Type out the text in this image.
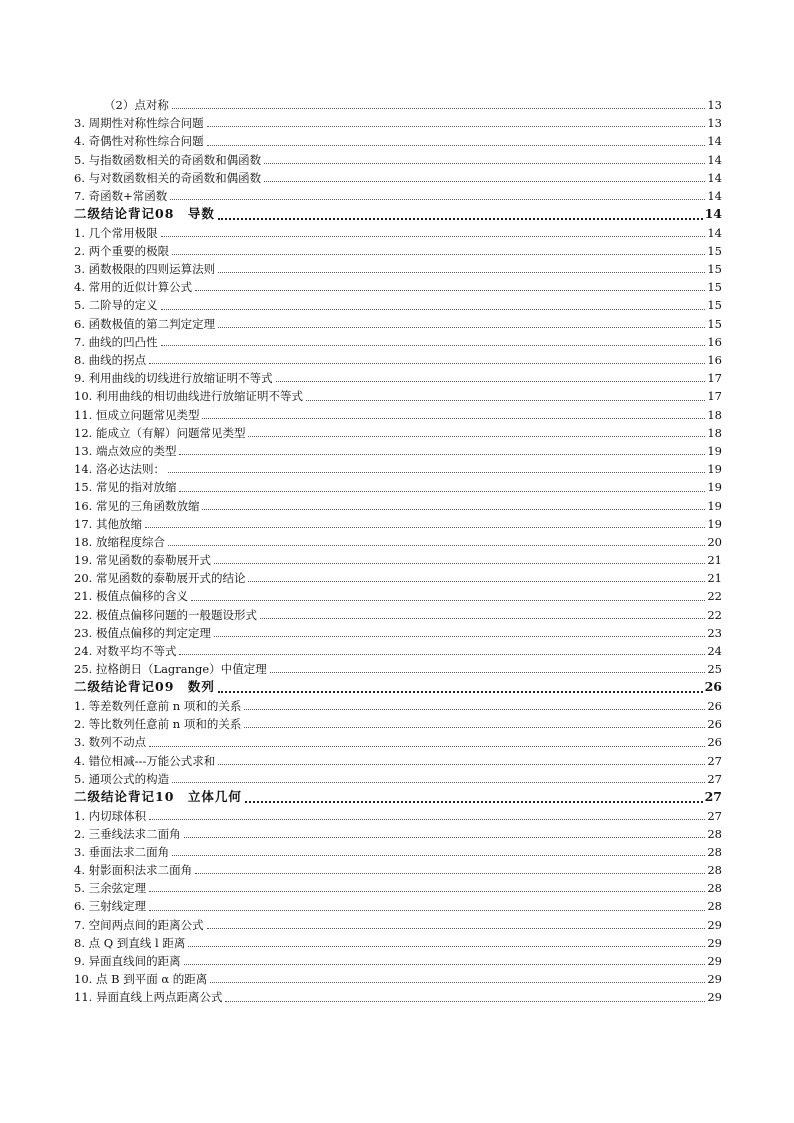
（2）点对称	13
3. 周期性对称性综合问题	13
4. 奇偶性对称性综合问题	14
5. 与指数函数相关的奇函数和偶函数	14
6. 与对数函数相关的奇函数和偶函数	14
7. 奇函数+常函数	14
二级结论背记08　导数	14
1. 几个常用极限	14
2. 两个重要的极限	15
3. 函数极限的四则运算法则	15
4. 常用的近似计算公式	15
5. 二阶导的定义	15
6. 函数极值的第二判定定理	15
7. 曲线的凹凸性	16
8. 曲线的拐点	16
9. 利用曲线的切线进行放缩证明不等式	17
10. 利用曲线的相切曲线进行放缩证明不等式	17
11. 恒成立问题常见类型	18
12. 能成立（有解）问题常见类型	18
13. 端点效应的类型	19
14. 洛必达法则：	19
15. 常见的指对放缩	19
16. 常见的三角函数放缩	19
17. 其他放缩	19
18. 放缩程度综合	20
19. 常见函数的泰勒展开式	21
20. 常见函数的泰勒展开式的结论	21
21. 极值点偏移的含义	22
22. 极值点偏移问题的一般题设形式	22
23. 极值点偏移的判定定理	23
24. 对数平均不等式	24
25. 拉格朗日（Lagrange）中值定理	25
二级结论背记09　数列	26
1. 等差数列任意前 n 项和的关系	26
2. 等比数列任意前 n 项和的关系	26
3. 数列不动点	26
4. 错位相减---万能公式求和	27
5. 通项公式的构造	27
二级结论背记10　立体几何	27
1. 内切球体积	27
2. 三垂线法求二面角	28
3. 垂面法求二面角	28
4. 射影面积法求二面角	28
5. 三余弦定理	28
6. 三射线定理	28
7. 空间两点间的距离公式	29
8. 点 Q 到直线 l 距离	29
9. 异面直线间的距离	29
10. 点 B 到平面 α 的距离	29
11. 异面直线上两点距离公式	29
